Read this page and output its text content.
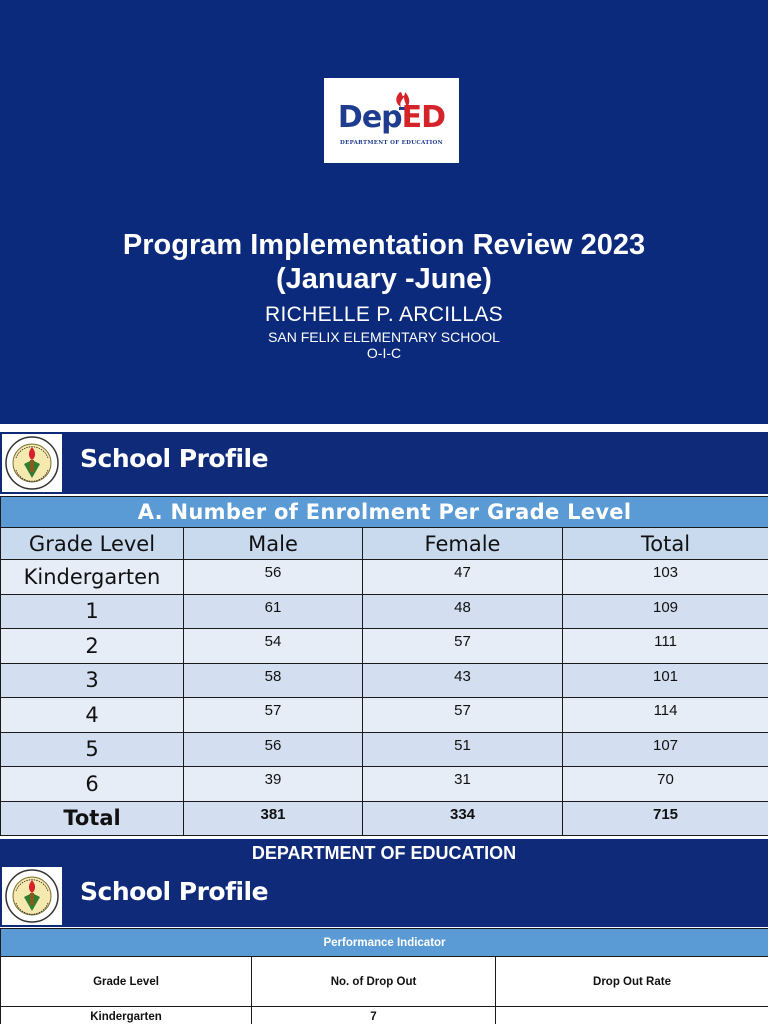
DepED
DEPARTMENT OF EDUCATION
Program Implementation Review 2023
(January -June)
RICHELLE P. ARCILLAS
SAN FELIX ELEMENTARY SCHOOL
O-I-C
School Profile
A. Number of Enrolment Per Grade Level			
Grade Level	Male	Female	Total
Kindergarten	56	47	103
1	61	48	109
2	54	57	111
3	58	43	101
4	57	57	114
5	56	51	107
6	39	31	70
Total	381	334	715
DEPARTMENT OF EDUCATION
School Profile
Performance Indicator		
Grade Level	No. of Drop Out	Drop Out Rate
Kindergarten	7	
